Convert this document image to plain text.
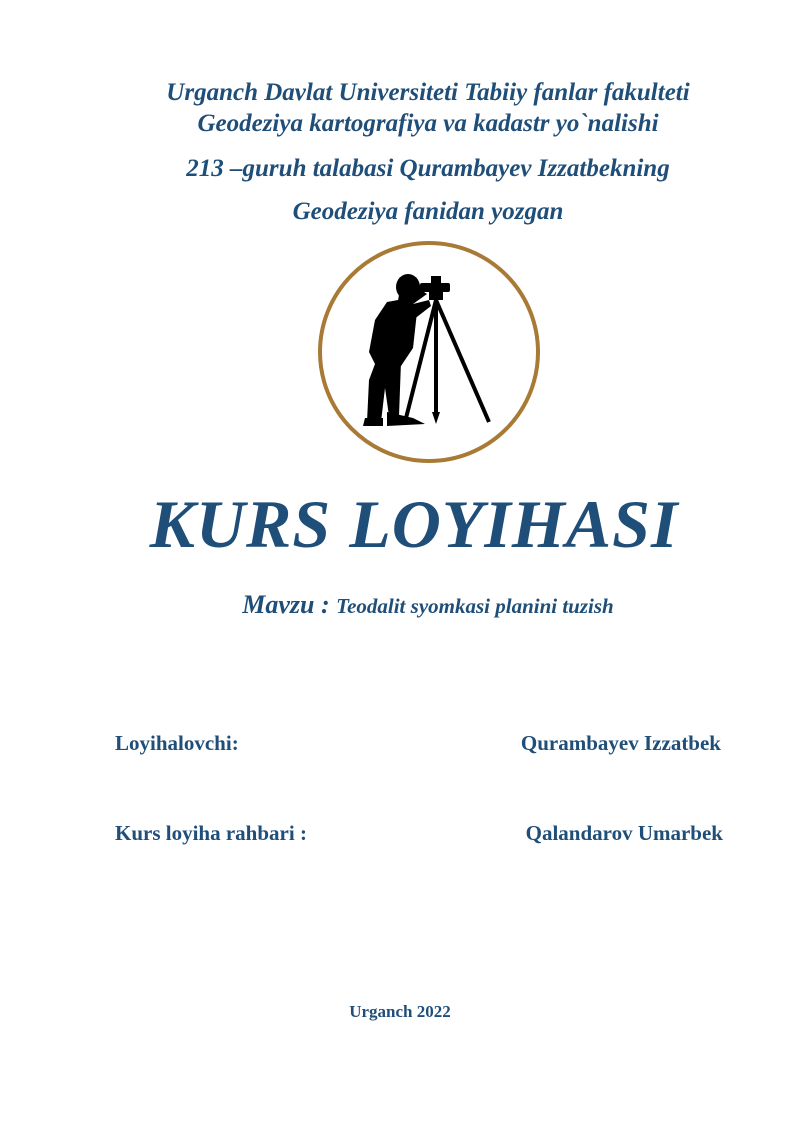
Urganch Davlat Universiteti Tabiiy fanlar fakulteti
Geodeziya kartografiya va kadastr yo`nalishi
213 –guruh talabasi Qurambayev Izzatbekning
Geodeziya fanidan yozgan
KURS LOYIHASI
Mavzu : Teodalit syomkasi planini tuzish
Loyihalovchi:	Qurambayev Izzatbek
Kurs loyiha rahbari :	Qalandarov Umarbek
Urganch 2022
